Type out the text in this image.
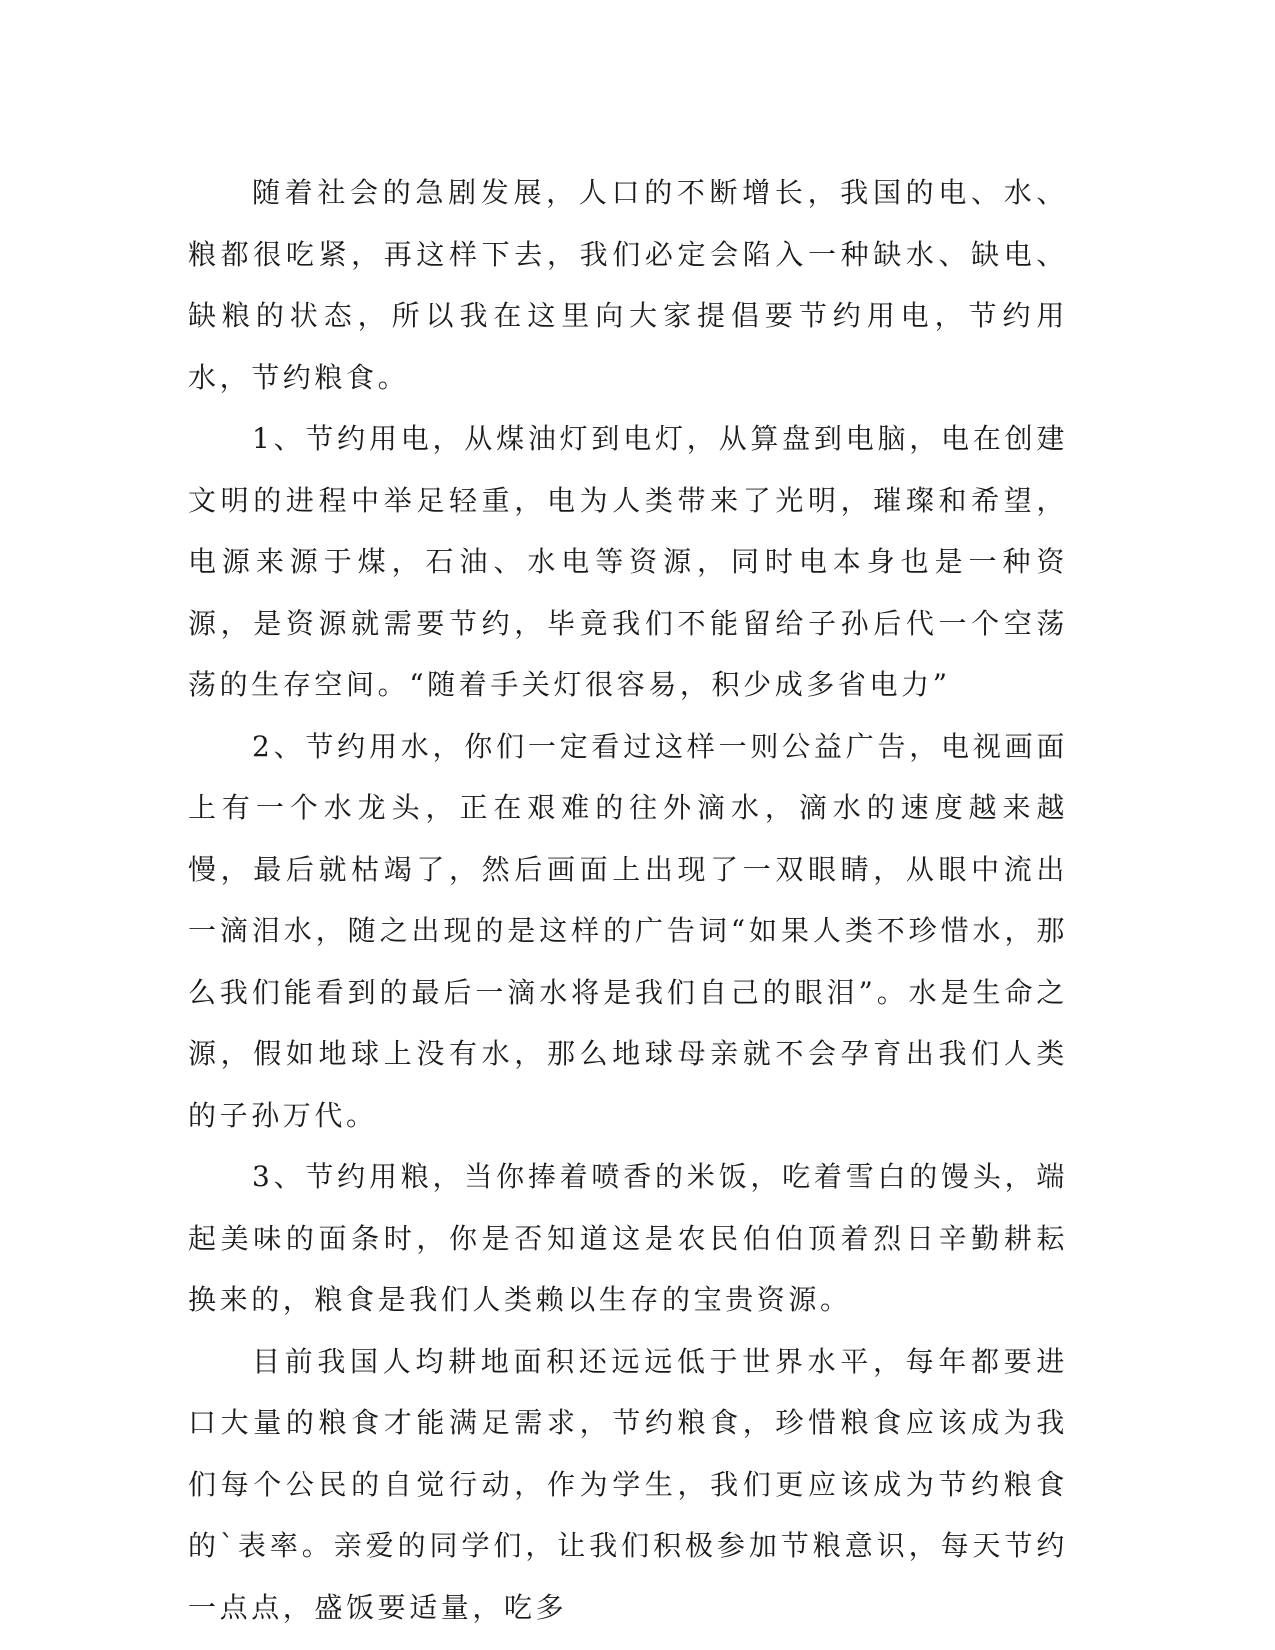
随着社会的急剧发展，人口的不断增长，我国的电、水、粮都很吃紧，再这样下去，我们必定会陷入一种缺水、缺电、缺粮的状态，所以我在这里向大家提倡要节约用电，节约用水，节约粮食。

1、节约用电，从煤油灯到电灯，从算盘到电脑，电在创建文明的进程中举足轻重，电为人类带来了光明，璀璨和希望，电源来源于煤，石油、水电等资源，同时电本身也是一种资源，是资源就需要节约，毕竟我们不能留给子孙后代一个空荡荡的生存空间。“随着手关灯很容易，积少成多省电力”

2、节约用水，你们一定看过这样一则公益广告，电视画面上有一个水龙头，正在艰难的往外滴水，滴水的速度越来越慢，最后就枯竭了，然后画面上出现了一双眼睛，从眼中流出一滴泪水，随之出现的是这样的广告词“如果人类不珍惜水，那么我们能看到的最后一滴水将是我们自己的眼泪”。水是生命之源，假如地球上没有水，那么地球母亲就不会孕育出我们人类的子孙万代。

3、节约用粮，当你捧着喷香的米饭，吃着雪白的馒头，端起美味的面条时，你是否知道这是农民伯伯顶着烈日辛勤耕耘换来的，粮食是我们人类赖以生存的宝贵资源。

目前我国人均耕地面积还远远低于世界水平，每年都要进口大量的粮食才能满足需求，节约粮食，珍惜粮食应该成为我们每个公民的自觉行动，作为学生，我们更应该成为节约粮食的`表率。亲爱的同学们，让我们积极参加节粮意识，每天节约一点点，盛饭要适量，吃多
